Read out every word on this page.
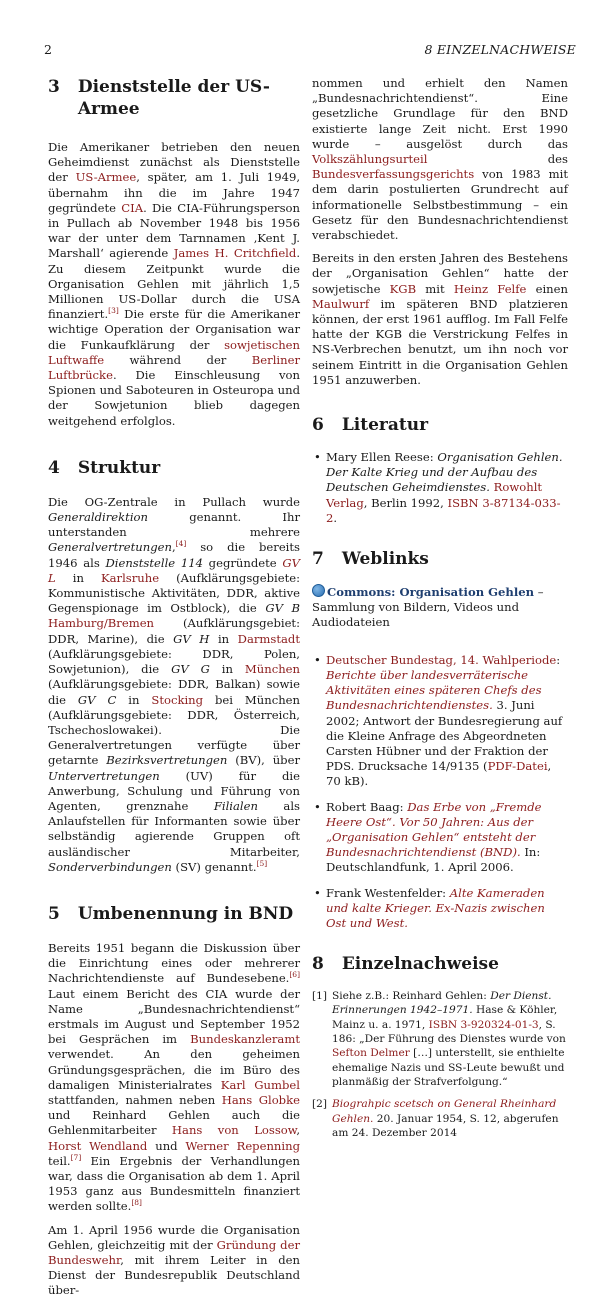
2	8 EINZELNACHWEISE
3 Dienststelle der US-Armee

Die Amerikaner betrieben den neuen Geheimdienst zunächst als Dienststelle der US-Armee, später, am 1. Juli 1949, übernahm ihn die im Jahre 1947 gegründete CIA. Die CIA-Führungsperson in Pullach ab November 1948 bis 1956 war der unter dem Tarnnamen ‚Kent J. Marshall‘ agierende James H. Critchfield. Zu diesem Zeitpunkt wurde die Organisation Gehlen mit jährlich 1,5 Millionen US-Dollar durch die USA finanziert.[3] Die erste für die Amerikaner wichtige Operation der Organisation war die Funkaufklärung der sowjetischen Luftwaffe während der Berliner Luftbrücke. Die Einschleusung von Spionen und Saboteuren in Osteuropa und der Sowjetunion blieb dagegen weitgehend erfolglos.

4 Struktur

Die OG-Zentrale in Pullach wurde Generaldirektion genannt. Ihr unterstanden mehrere Generalvertretungen,[4] so die bereits 1946 als Dienststelle 114 gegründete GV L in Karlsruhe (Aufklärungsgebiete: Kommunistische Aktivitäten, DDR, aktive Gegenspionage im Ostblock), die GV B Hamburg/Bremen (Aufklärungsgebiet: DDR, Marine), die GV H in Darmstadt (Aufklärungsgebiete: DDR, Polen, Sowjetunion), die GV G in München (Aufklärungsgebiete: DDR, Balkan) sowie die GV C in Stocking bei München (Aufklärungsgebiete: DDR, Österreich, Tschechoslowakei). Die Generalvertretungen verfügte über getarnte Bezirksvertretungen (BV), über Untervertretungen (UV) für die Anwerbung, Schulung und Führung von Agenten, grenznahe Filialen als Anlaufstellen für Informanten sowie über selbständig agierende Gruppen oft ausländischer Mitarbeiter, Sonderverbindungen (SV) genannt.[5]

5 Umbenennung in BND

Bereits 1951 begann die Diskussion über die Einrichtung eines oder mehrerer Nachrichtendienste auf Bundesebene.[6] Laut einem Bericht des CIA wurde der Name „Bundesnachrichtendienst“ erstmals im August und September 1952 bei Gesprächen im Bundeskanzleramt verwendet. An den geheimen Gründungsgesprächen, die im Büro des damaligen Ministerialrates Karl Gumbel stattfanden, nahmen neben Hans Globke und Reinhard Gehlen auch die Gehlenmitarbeiter Hans von Lossow, Horst Wendland und Werner Repenning teil.[7] Ein Ergebnis der Verhandlungen war, dass die Organisation ab dem 1. April 1953 ganz aus Bundesmitteln finanziert werden sollte.[8]

Am 1. April 1956 wurde die Organisation Gehlen, gleichzeitig mit der Gründung der Bundeswehr, mit ihrem Leiter in den Dienst der Bundesrepublik Deutschland über-

nommen und erhielt den Namen „Bundesnachrichtendienst“. Eine gesetzliche Grundlage für den BND existierte lange Zeit nicht. Erst 1990 wurde – ausgelöst durch das Volkszählungsurteil des Bundesverfassungsgerichts von 1983 mit dem darin postulierten Grundrecht auf informationelle Selbstbestimmung – ein Gesetz für den Bundesnachrichtendienst verabschiedet.

Bereits in den ersten Jahren des Bestehens der „Organisation Gehlen“ hatte der sowjetische KGB mit Heinz Felfe einen Maulwurf im späteren BND platzieren können, der erst 1961 aufflog. Im Fall Felfe hatte der KGB die Verstrickung Felfes in NS-Verbrechen benutzt, um ihn noch vor seinem Eintritt in die Organisation Gehlen 1951 anzuwerben.

6 Literatur
• Mary Ellen Reese: Organisation Gehlen. Der Kalte Krieg und der Aufbau des Deutschen Geheimdienstes. Rowohlt Verlag, Berlin 1992, ISBN 3-87134-033-2.
7 Weblinks

Commons: Organisation Gehlen – Sammlung von Bildern, Videos und Audiodateien

• Deutscher Bundestag, 14. Wahlperiode: Berichte über landesverräterische Aktivitäten eines späteren Chefs des Bundesnachrichtendienstes. 3. Juni 2002; Antwort der Bundesregierung auf die Kleine Anfrage des Abgeordneten Carsten Hübner und der Fraktion der PDS. Drucksache 14/9135 (PDF-Datei, 70 kB).
• Robert Baag: Das Erbe von „Fremde Heere Ost“. Vor 50 Jahren: Aus der „Organisation Gehlen“ entsteht der Bundesnachrichtendienst (BND). In: Deutschlandfunk, 1. April 2006.
• Frank Westenfelder: Alte Kameraden und kalte Krieger. Ex-Nazis zwischen Ost und West.
8 Einzelnachweise
[1] Siehe z.B.: Reinhard Gehlen: Der Dienst. Erinnerungen 1942–1971. Hase & Köhler, Mainz u. a. 1971, ISBN 3-920324-01-3, S. 186: „Der Führung des Dienstes wurde von Sefton Delmer […] unterstellt, sie enthielte ehemalige Nazis und SS-Leute bewußt und planmäßig der Strafverfolgung.“
[2] Biograhpic scetsch on General Rheinhard Gehlen. 20. Januar 1954, S. 12, abgerufen am 24. Dezember 2014
